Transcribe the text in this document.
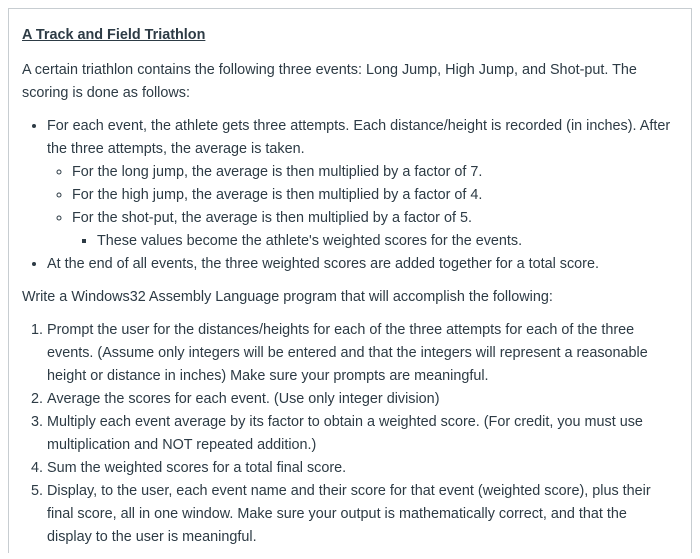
A Track and Field Triathlon

A certain triathlon contains the following three events: Long Jump, High Jump, and Shot-put. The scoring is done as follows:

• For each event, the athlete gets three attempts. Each distance/height is recorded (in inches). After the three attempts, the average is taken.
◦ For the long jump, the average is then multiplied by a factor of 7.
◦ For the high jump, the average is then multiplied by a factor of 4.
◦ For the shot-put, the average is then multiplied by a factor of 5.
▪ These values become the athlete's weighted scores for the events.
• At the end of all events, the three weighted scores are added together for a total score.

Write a Windows32 Assembly Language program that will accomplish the following:

1. Prompt the user for the distances/heights for each of the three attempts for each of the three events. (Assume only integers will be entered and that the integers will represent a reasonable height or distance in inches) Make sure your prompts are meaningful.
2. Average the scores for each event. (Use only integer division)
3. Multiply each event average by its factor to obtain a weighted score. (For credit, you must use multiplication and NOT repeated addition.)
4. Sum the weighted scores for a total final score.
5. Display, to the user, each event name and their score for that event (weighted score), plus their final score, all in one window. Make sure your output is mathematically correct, and that the display to the user is meaningful.
